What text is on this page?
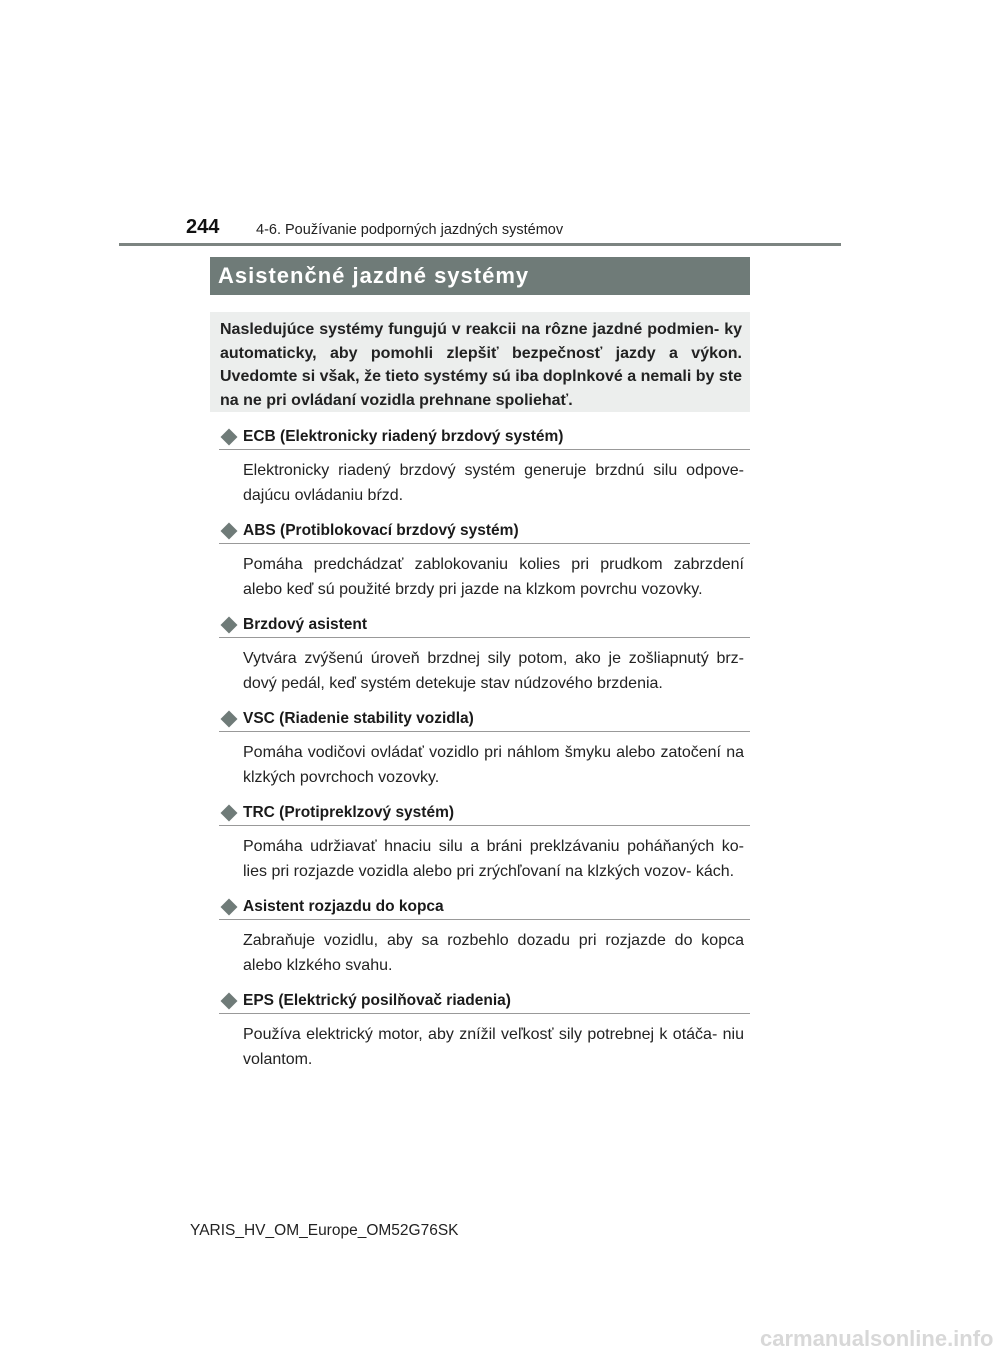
244	4-6. Používanie podporných jazdných systémov
Asistenčné jazdné systémy

Nasledujúce systémy fungujú v reakcii na rôzne jazdné podmien- ky automaticky, aby pomohli zlepšiť bezpečnosť jazdy a výkon. Uvedomte si však, že tieto systémy sú iba doplnkové a nemali by ste na ne pri ovládaní vozidla prehnane spoliehať.

ECB (Elektronicky riadený brzdový systém)

Elektronicky riadený brzdový systém generuje brzdnú silu odpove- dajúcu ovládaniu bŕzd.

ABS (Protiblokovací brzdový systém)

Pomáha predchádzať zablokovaniu kolies pri prudkom zabrzdení alebo keď sú použité brzdy pri jazde na klzkom povrchu vozovky.

Brzdový asistent

Vytvára zvýšenú úroveň brzdnej sily potom, ako je zošliapnutý brz- dový pedál, keď systém detekuje stav núdzového brzdenia.

VSC (Riadenie stability vozidla)

Pomáha vodičovi ovládať vozidlo pri náhlom šmyku alebo zatočení na klzkých povrchoch vozovky.

TRC (Protipreklzový systém)

Pomáha udržiavať hnaciu silu a bráni preklzávaniu poháňaných ko- lies pri rozjazde vozidla alebo pri zrýchľovaní na klzkých vozov- kách.

Asistent rozjazdu do kopca

Zabraňuje vozidlu, aby sa rozbehlo dozadu pri rozjazde do kopca alebo klzkého svahu.

EPS (Elektrický posilňovač riadenia)

Používa elektrický motor, aby znížil veľkosť sily potrebnej k otáča- niu volantom.

YARIS_HV_OM_Europe_OM52G76SK
carmanualsonline.info
